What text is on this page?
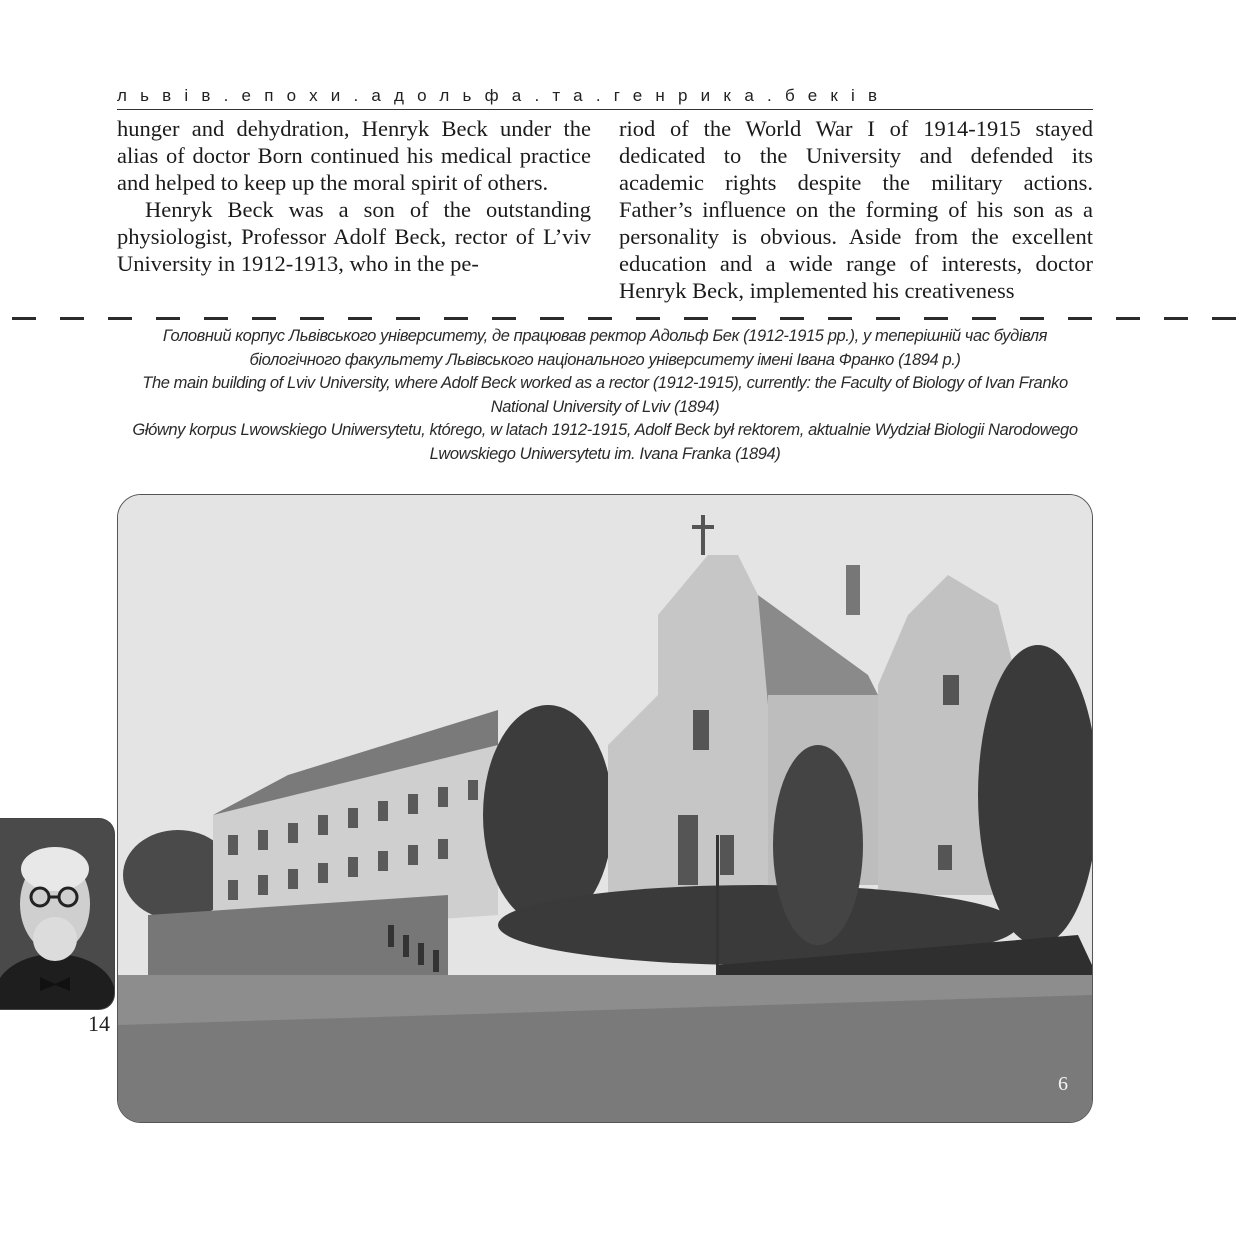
львів.епохи.адольфа.та.генрика.беків

hunger and dehydration, Henryk Beck under the alias of doctor Born continued his medical practice and helped to keep up the moral spirit of others.

Henryk Beck was a son of the outstanding physiologist, Professor Adolf Beck, rector of L’viv University in 1912-1913, who in the pe-

riod of the World War I of 1914-1915 stayed dedicated to the University and defended its academic rights despite the military actions. Father’s influence on the forming of his son as a personality is obvious. Aside from the excellent education and a wide range of interests, doctor Henryk Beck, implemented his creativeness

Головний корпус Львівського університету, де працював ректор Адольф Бек (1912-1915 рр.), у теперішній час будівля біологічного факультету Львівського національного університету імені Івана Франко (1894 р.)

The main building of Lviv University, where Adolf Beck worked as a rector (1912-1915), currently: the Faculty of Biology of Ivan Franko National University of Lviv (1894)

Główny korpus Lwowskiego Uniwersytetu, którego, w latach 1912-1915, Adolf Beck był rektorem, aktualnie Wydział Biologii Narodowego Lwowskiego Uniwersytetu im. Ivana Franka (1894)

6
14
